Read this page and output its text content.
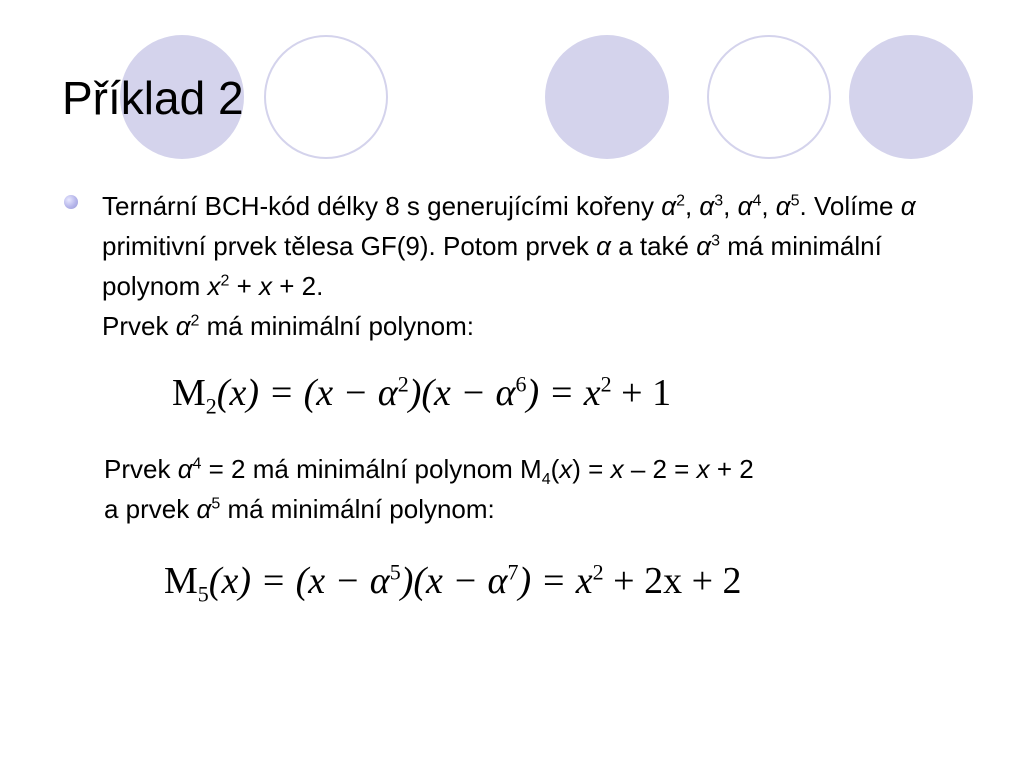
Příklad 2

Ternární BCH-kód délky 8 s generujícími kořeny $\alpha^2$, $\alpha^3$, $\alpha^4$, $\alpha^5$. Volíme α primitivní prvek tělesa GF(9). Potom prvek α a také $\alpha^3$ má minimální polynom $x^2 + x + 2$.
Prvek $\alpha^2$ má minimální polynom:

$M_2(x) = (x - \alpha^2)(x - \alpha^6) = x^2 + 1$

Prvek $\alpha^4 = 2$ má minimální polynom $M_4(x) = x - 2 = x + 2$
a prvek $\alpha^5$ má minimální polynom:

$M_5(x) = (x - \alpha^5)(x - \alpha^7) = x^2 + 2x + 2$
